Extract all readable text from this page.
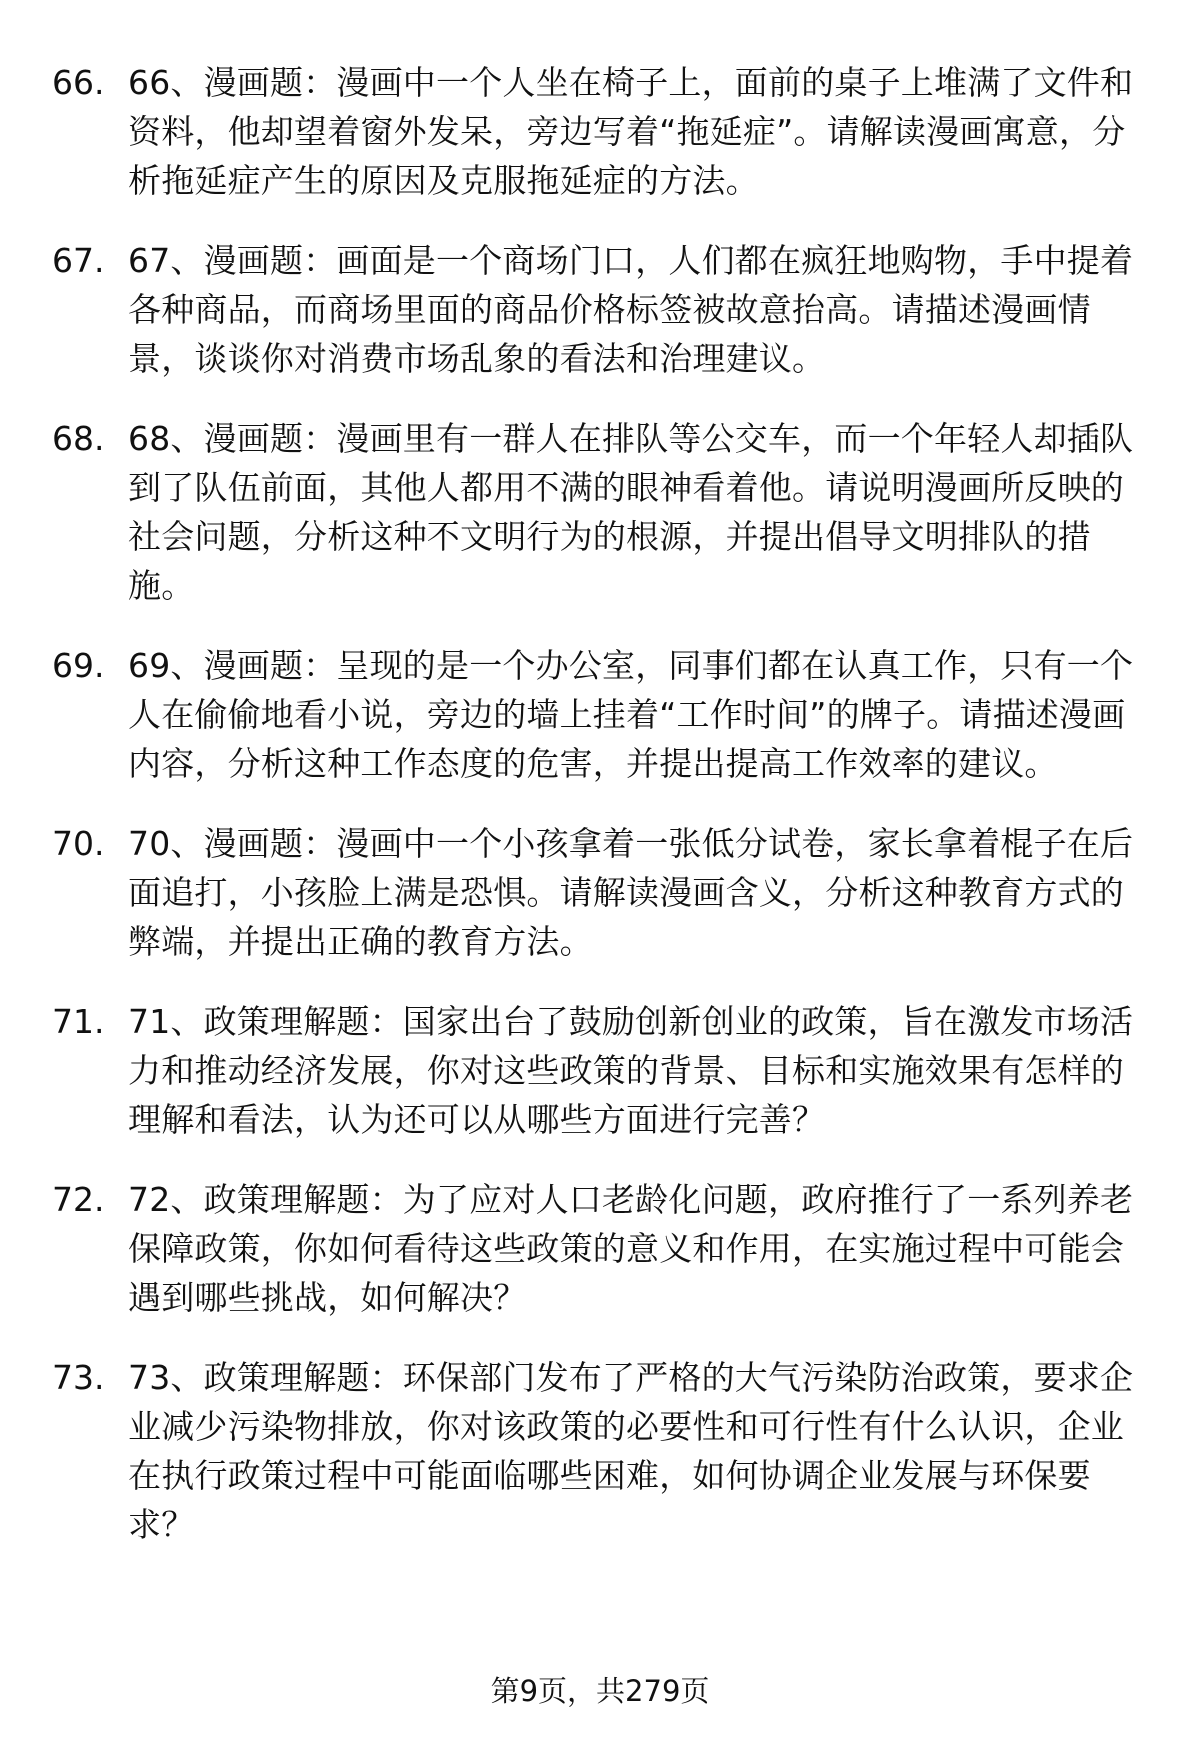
66. 66、漫画题：漫画中一个人坐在椅子上，面前的桌子上堆满了文件和资料，他却望着窗外发呆，旁边写着“拖延症”。请解读漫画寓意，分析拖延症产生的原因及克服拖延症的方法。
67. 67、漫画题：画面是一个商场门口，人们都在疯狂地购物，手中提着各种商品，而商场里面的商品价格标签被故意抬高。请描述漫画情景，谈谈你对消费市场乱象的看法和治理建议。
68. 68、漫画题：漫画里有一群人在排队等公交车，而一个年轻人却插队到了队伍前面，其他人都用不满的眼神看着他。请说明漫画所反映的社会问题，分析这种不文明行为的根源，并提出倡导文明排队的措施。
69. 69、漫画题：呈现的是一个办公室，同事们都在认真工作，只有一个人在偷偷地看小说，旁边的墙上挂着“工作时间”的牌子。请描述漫画内容，分析这种工作态度的危害，并提出提高工作效率的建议。
70. 70、漫画题：漫画中一个小孩拿着一张低分试卷，家长拿着棍子在后面追打，小孩脸上满是恐惧。请解读漫画含义，分析这种教育方式的弊端，并提出正确的教育方法。
71. 71、政策理解题：国家出台了鼓励创新创业的政策，旨在激发市场活力和推动经济发展，你对这些政策的背景、目标和实施效果有怎样的理解和看法，认为还可以从哪些方面进行完善？
72. 72、政策理解题：为了应对人口老龄化问题，政府推行了一系列养老保障政策，你如何看待这些政策的意义和作用，在实施过程中可能会遇到哪些挑战，如何解决？
73. 73、政策理解题：环保部门发布了严格的大气污染防治政策，要求企业减少污染物排放，你对该政策的必要性和可行性有什么认识，企业在执行政策过程中可能面临哪些困难，如何协调企业发展与环保要求？
第9页，共279页
